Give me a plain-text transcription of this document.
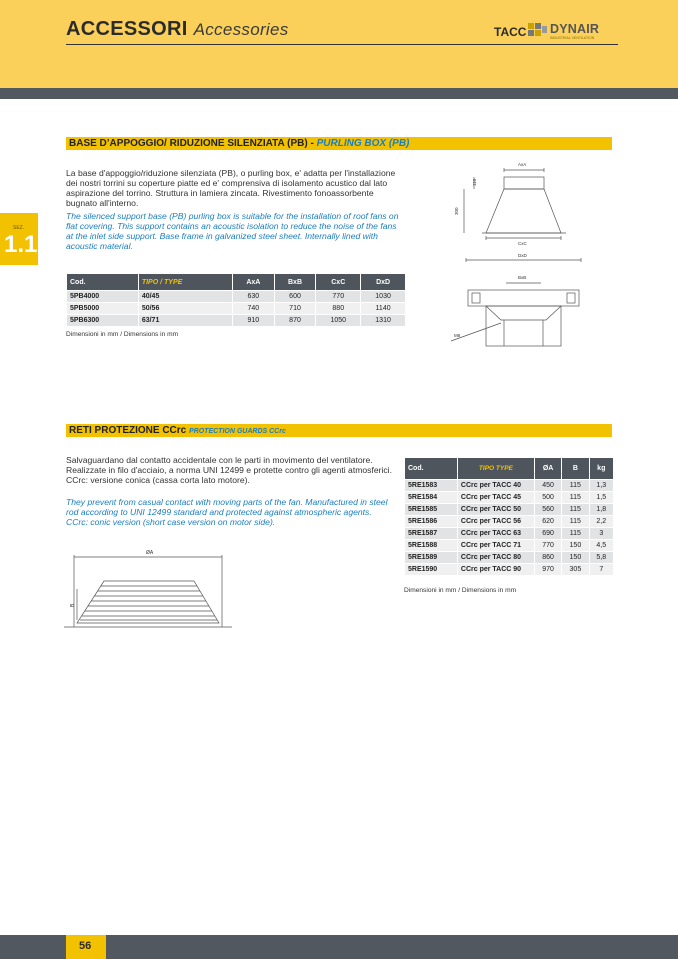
ACCESSORI Accessories	TACC DYNAIR
INDUSTRIAL VENTILATION
SEZ.
1.1
BASE D’APPOGGIO/ RIDUZIONE SILENZIATA (PB) - PURLING BOX (PB)
La base d'appoggio/riduzione silenziata (PB), o purling box, e' adatta per l'installazione dei nostri torrini su coperture piatte ed e' comprensiva di isolamento acustico dal lato aspirazione del torrino. Struttura in lamiera zincata. Rivestimento fonoassorbente bugnato all'interno.
The silenced support base (PB) purling box is suitable for the installation of roof fans on flat covering. This support contains an acoustic isolation to reduce the noise of the fans at the inlet side support. Base frame in galvanized steel sheet. Internally lined with acoustic material.
Cod.	TIPO / TYPE	AxA	BxB	CxC	DxD
5PB4000	40/45	630	600	770	1030
5PB5000	50/56	740	710	880	1140
5PB6300	63/71	910	870	1050	1310
Dimensioni in mm / Dimensions in mm
AxA
110
300
CxC
DxD
BxB
M8
RETI PROTEZIONE CCrc PROTECTION GUARDS CCrc
Salvaguardano dal contatto accidentale con le parti in movimento del ventilatore. Realizzate in filo d'acciaio, a norma UNI 12499 e protette contro gli agenti atmosferici. CCrc: versione conica (cassa corta lato motore).
They prevent from casual contact with moving parts of the fan. Manufactured in steel rod according to UNI 12499 standard and protected against atmospheric agents. CCrc: conic version (short case version on motor side).
ØA
B
Cod.	TIPO TYPE	ØA	B	kg
5RE1583	CCrc per TACC 40	450	115	1,3
5RE1584	CCrc per TACC 45	500	115	1,5
5RE1585	CCrc per TACC 50	560	115	1,8
5RE1586	CCrc per TACC 56	620	115	2,2
5RE1587	CCrc per TACC 63	690	115	3
5RE1588	CCrc per TACC 71	770	150	4,5
5RE1589	CCrc per TACC 80	860	150	5,8
5RE1590	CCrc per TACC 90	970	305	7
Dimensioni in mm / Dimensions in mm
56
